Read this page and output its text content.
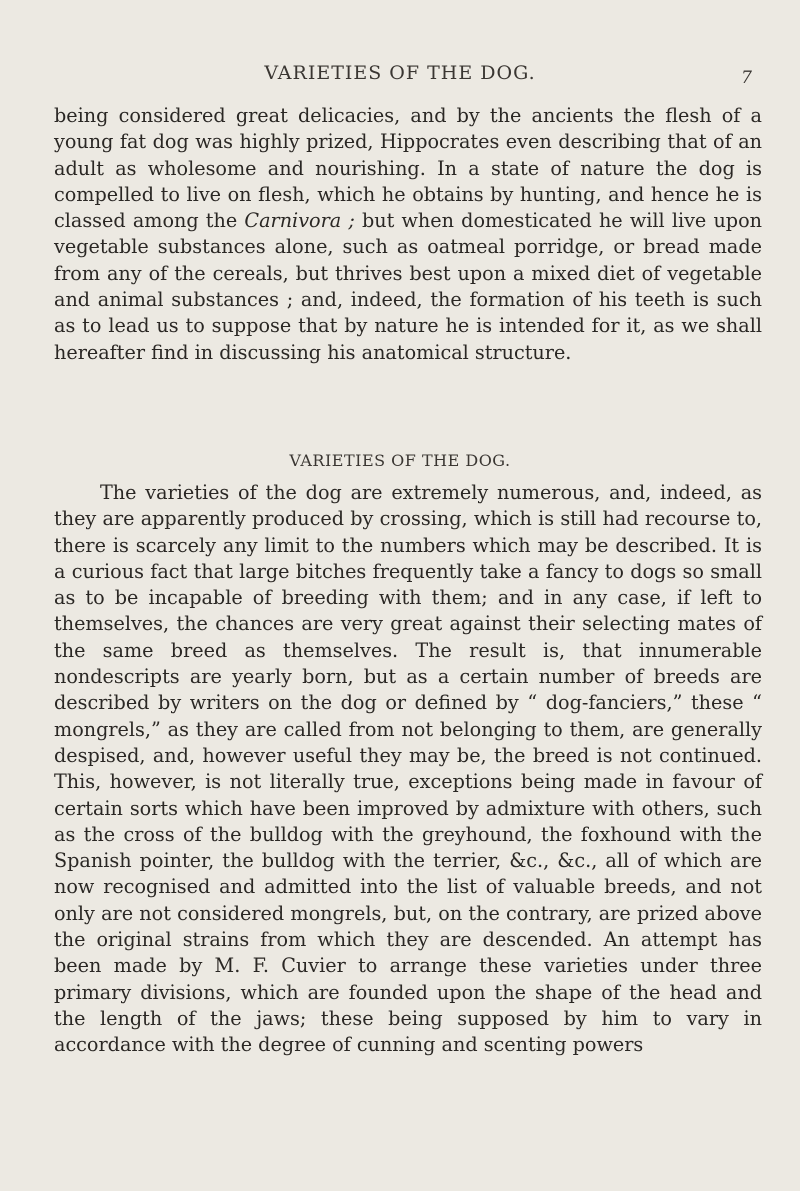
VARIETIES OF THE DOG.	7

being considered great delicacies, and by the ancients the flesh of a young fat dog was highly prized, Hippocrates even describing that of an adult as wholesome and nourishing. In a state of nature the dog is compelled to live on flesh, which he obtains by hunting, and hence he is classed among the Carnivora ; but when domesticated he will live upon vegetable substances alone, such as oatmeal porridge, or bread made from any of the cereals, but thrives best upon a mixed diet of vegetable and animal substances ; and, indeed, the formation of his teeth is such as to lead us to suppose that by nature he is intended for it, as we shall hereafter find in discussing his anatomical structure.

VARIETIES OF THE DOG.

The varieties of the dog are extremely numerous, and, indeed, as they are apparently produced by crossing, which is still had recourse to, there is scarcely any limit to the numbers which may be described. It is a curious fact that large bitches frequently take a fancy to dogs so small as to be incapable of breeding with them; and in any case, if left to themselves, the chances are very great against their selecting mates of the same breed as themselves. The result is, that innumerable nondescripts are yearly born, but as a certain number of breeds are described by writers on the dog or defined by “ dog-fanciers,” these “ mongrels,” as they are called from not belonging to them, are generally despised, and, however useful they may be, the breed is not continued. This, however, is not literally true, exceptions being made in favour of certain sorts which have been improved by admixture with others, such as the cross of the bulldog with the greyhound, the foxhound with the Spanish pointer, the bulldog with the terrier, &c., &c., all of which are now recognised and admitted into the list of valuable breeds, and not only are not considered mongrels, but, on the contrary, are prized above the original strains from which they are descended. An attempt has been made by M. F. Cuvier to arrange these varieties under three primary divisions, which are founded upon the shape of the head and the length of the jaws; these being supposed by him to vary in accordance with the degree of cunning and scenting powers
